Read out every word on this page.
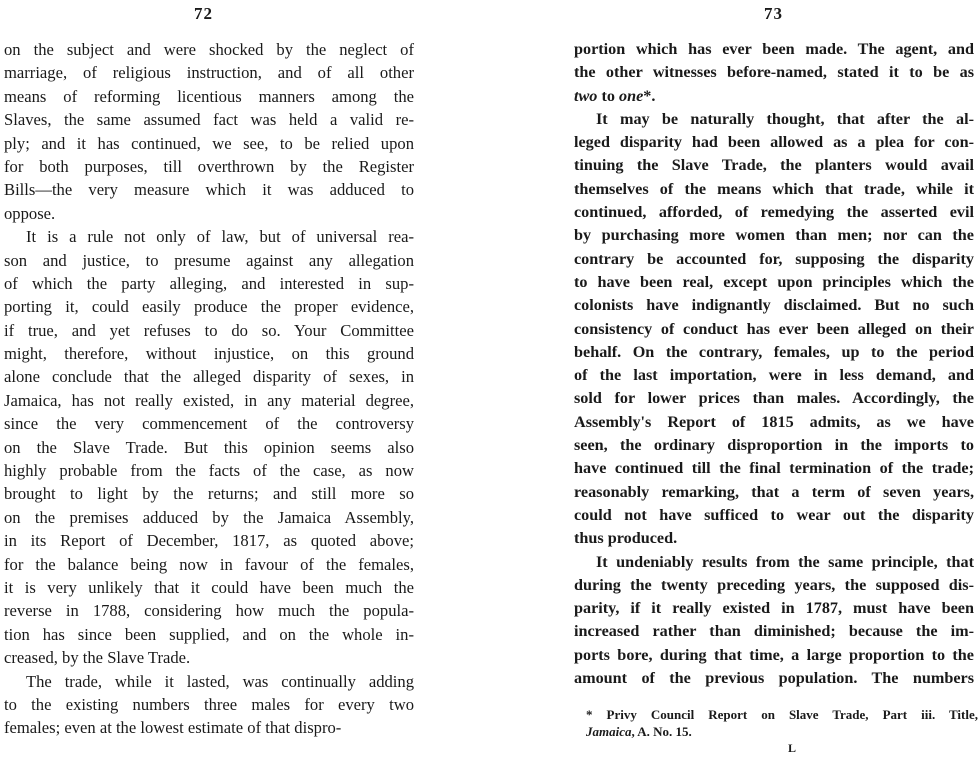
72
on the subject and were shocked by the neglect of
marriage, of religious instruction, and of all other
means of reforming licentious manners among the
Slaves, the same assumed fact was held a valid re-
ply; and it has continued, we see, to be relied upon
for both purposes, till overthrown by the Register
Bills—the very measure which it was adduced to
oppose.
It is a rule not only of law, but of universal rea-
son and justice, to presume against any allegation
of which the party alleging, and interested in sup-
porting it, could easily produce the proper evidence,
if true, and yet refuses to do so. Your Committee
might, therefore, without injustice, on this ground
alone conclude that the alleged disparity of sexes, in
Jamaica, has not really existed, in any material degree,
since the very commencement of the controversy
on the Slave Trade. But this opinion seems also
highly probable from the facts of the case, as now
brought to light by the returns; and still more so
on the premises adduced by the Jamaica Assembly,
in its Report of December, 1817, as quoted above;
for the balance being now in favour of the females,
it is very unlikely that it could have been much the
reverse in 1788, considering how much the popula-
tion has since been supplied, and on the whole in-
creased, by the Slave Trade.
The trade, while it lasted, was continually adding
to the existing numbers three males for every two
females; even at the lowest estimate of that dispro-
73
portion which has ever been made. The agent, and
the other witnesses before-named, stated it to be as
two to one*.
It may be naturally thought, that after the al-
leged disparity had been allowed as a plea for con-
tinuing the Slave Trade, the planters would avail
themselves of the means which that trade, while it
continued, afforded, of remedying the asserted evil
by purchasing more women than men; nor can the
contrary be accounted for, supposing the disparity
to have been real, except upon principles which the
colonists have indignantly disclaimed. But no such
consistency of conduct has ever been alleged on their
behalf. On the contrary, females, up to the period
of the last importation, were in less demand, and
sold for lower prices than males. Accordingly, the
Assembly's Report of 1815 admits, as we have
seen, the ordinary disproportion in the imports to
have continued till the final termination of the trade;
reasonably remarking, that a term of seven years,
could not have sufficed to wear out the disparity
thus produced.
It undeniably results from the same principle, that
during the twenty preceding years, the supposed dis-
parity, if it really existed in 1787, must have been
increased rather than diminished; because the im-
ports bore, during that time, a large proportion to the
amount of the previous population. The numbers
* Privy Council Report on Slave Trade, Part iii. Title,
Jamaica, A. No. 15.
L
